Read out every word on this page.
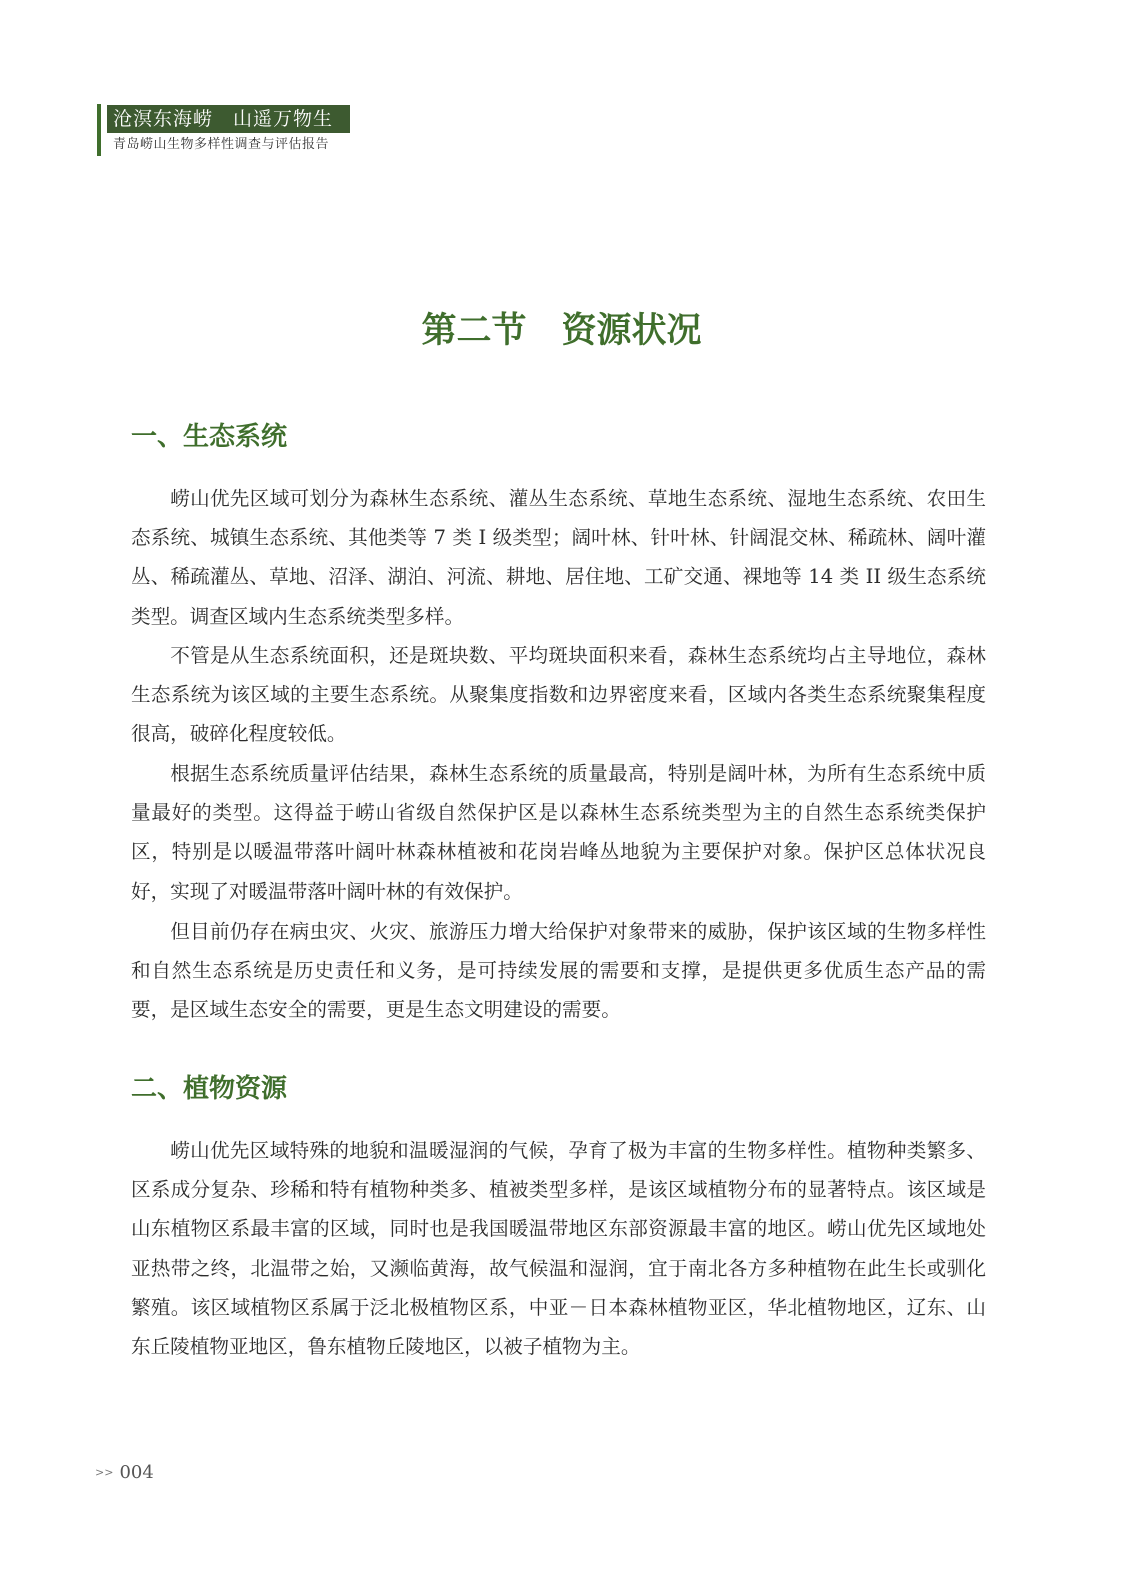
沧溟东海崂　山遥万物生
青岛崂山生物多样性调查与评估报告
第二节　资源状况
一、生态系统

崂山优先区域可划分为森林生态系统、灌丛生态系统、草地生态系统、湿地生态系统、农田生态系统、城镇生态系统、其他类等 7 类 I 级类型；阔叶林、针叶林、针阔混交林、稀疏林、阔叶灌丛、稀疏灌丛、草地、沼泽、湖泊、河流、耕地、居住地、工矿交通、裸地等 14 类 II 级生态系统类型。调查区域内生态系统类型多样。

不管是从生态系统面积，还是斑块数、平均斑块面积来看，森林生态系统均占主导地位，森林生态系统为该区域的主要生态系统。从聚集度指数和边界密度来看，区域内各类生态系统聚集程度很高，破碎化程度较低。

根据生态系统质量评估结果，森林生态系统的质量最高，特别是阔叶林，为所有生态系统中质量最好的类型。这得益于崂山省级自然保护区是以森林生态系统类型为主的自然生态系统类保护区，特别是以暖温带落叶阔叶林森林植被和花岗岩峰丛地貌为主要保护对象。保护区总体状况良好，实现了对暖温带落叶阔叶林的有效保护。

但目前仍存在病虫灾、火灾、旅游压力增大给保护对象带来的威胁，保护该区域的生物多样性和自然生态系统是历史责任和义务，是可持续发展的需要和支撑，是提供更多优质生态产品的需要，是区域生态安全的需要，更是生态文明建设的需要。

二、植物资源

崂山优先区域特殊的地貌和温暖湿润的气候，孕育了极为丰富的生物多样性。植物种类繁多、区系成分复杂、珍稀和特有植物种类多、植被类型多样，是该区域植物分布的显著特点。该区域是山东植物区系最丰富的区域，同时也是我国暖温带地区东部资源最丰富的地区。崂山优先区域地处亚热带之终，北温带之始，又濒临黄海，故气候温和湿润，宜于南北各方多种植物在此生长或驯化繁殖。该区域植物区系属于泛北极植物区系，中亚－日本森林植物亚区，华北植物地区，辽东、山东丘陵植物亚地区，鲁东植物丘陵地区，以被子植物为主。

>> 004
